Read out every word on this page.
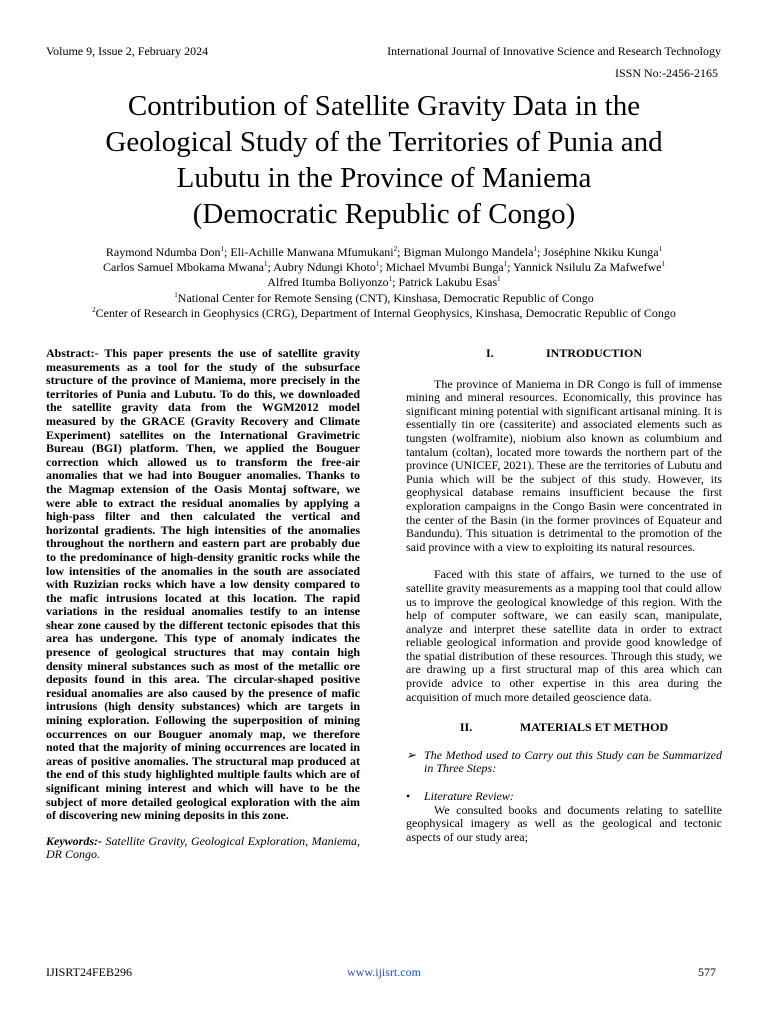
Volume 9, Issue 2, February 2024	International Journal of Innovative Science and Research Technology
ISSN No:-2456-2165
Contribution of Satellite Gravity Data in the
Geological Study of the Territories of Punia and
Lubutu in the Province of Maniema
(Democratic Republic of Congo)
Raymond Ndumba Don$^1$; Eli-Achille Manwana Mfumukani$^2$; Bigman Mulongo Mandela$^1$; Joséphine Nkiku Kunga$^1$
Carlos Samuel Mbokama Mwana$^1$; Aubry Ndungi Khoto$^1$; Michael Mvumbi Bunga$^1$; Yannick Nsilulu Za Mafwefwe$^1$
Alfred Itumba Boliyonzo$^1$; Patrick Lakubu Esas$^1$
$^1$National Center for Remote Sensing (CNT), Kinshasa, Democratic Republic of Congo
$^2$Center of Research in Geophysics (CRG), Department of Internal Geophysics, Kinshasa, Democratic Republic of Congo

Abstract:- This paper presents the use of satellite gravity measurements as a tool for the study of the subsurface structure of the province of Maniema, more precisely in the territories of Punia and Lubutu. To do this, we downloaded the satellite gravity data from the WGM2012 model measured by the GRACE (Gravity Recovery and Climate Experiment) satellites on the International Gravimetric Bureau (BGI) platform. Then, we applied the Bouguer correction which allowed us to transform the free-air anomalies that we had into Bouguer anomalies. Thanks to the Magmap extension of the Oasis Montaj software, we were able to extract the residual anomalies by applying a high-pass filter and then calculated the vertical and horizontal gradients. The high intensities of the anomalies throughout the northern and eastern part are probably due to the predominance of high-density granitic rocks while the low intensities of the anomalies in the south are associated with Ruzizian rocks which have a low density compared to the mafic intrusions located at this location. The rapid variations in the residual anomalies testify to an intense shear zone caused by the different tectonic episodes that this area has undergone. This type of anomaly indicates the presence of geological structures that may contain high density mineral substances such as most of the metallic ore deposits found in this area. The circular-shaped positive residual anomalies are also caused by the presence of mafic intrusions (high density substances) which are targets in mining exploration. Following the superposition of mining occurrences on our Bouguer anomaly map, we therefore noted that the majority of mining occurrences are located in areas of positive anomalies. The structural map produced at the end of this study highlighted multiple faults which are of significant mining interest and which will have to be the subject of more detailed geological exploration with the aim of discovering new mining deposits in this zone.

Keywords:- Satellite Gravity, Geological Exploration, Maniema, DR Congo.

I.	INTRODUCTION

The province of Maniema in DR Congo is full of immense mining and mineral resources. Economically, this province has significant mining potential with significant artisanal mining. It is essentially tin ore (cassiterite) and associated elements such as tungsten (wolframite), niobium also known as columbium and tantalum (coltan), located more towards the northern part of the province (UNICEF, 2021). These are the territories of Lubutu and Punia which will be the subject of this study. However, its geophysical database remains insufficient because the first exploration campaigns in the Congo Basin were concentrated in the center of the Basin (in the former provinces of Equateur and Bandundu). This situation is detrimental to the promotion of the said province with a view to exploiting its natural resources.

Faced with this state of affairs, we turned to the use of satellite gravity measurements as a mapping tool that could allow us to improve the geological knowledge of this region. With the help of computer software, we can easily scan, manipulate, analyze and interpret these satellite data in order to extract reliable geological information and provide good knowledge of the spatial distribution of these resources. Through this study, we are drawing up a first structural map of this area which can provide advice to other expertise in this area during the acquisition of much more detailed geoscience data.

II.	MATERIALS ET METHOD

➢ The Method used to Carry out this Study can be Summarized in Three Steps:

• Literature Review:

We consulted books and documents relating to satellite geophysical imagery as well as the geological and tectonic aspects of our study area;

IJISRT24FEB296	www.ijisrt.com	577
